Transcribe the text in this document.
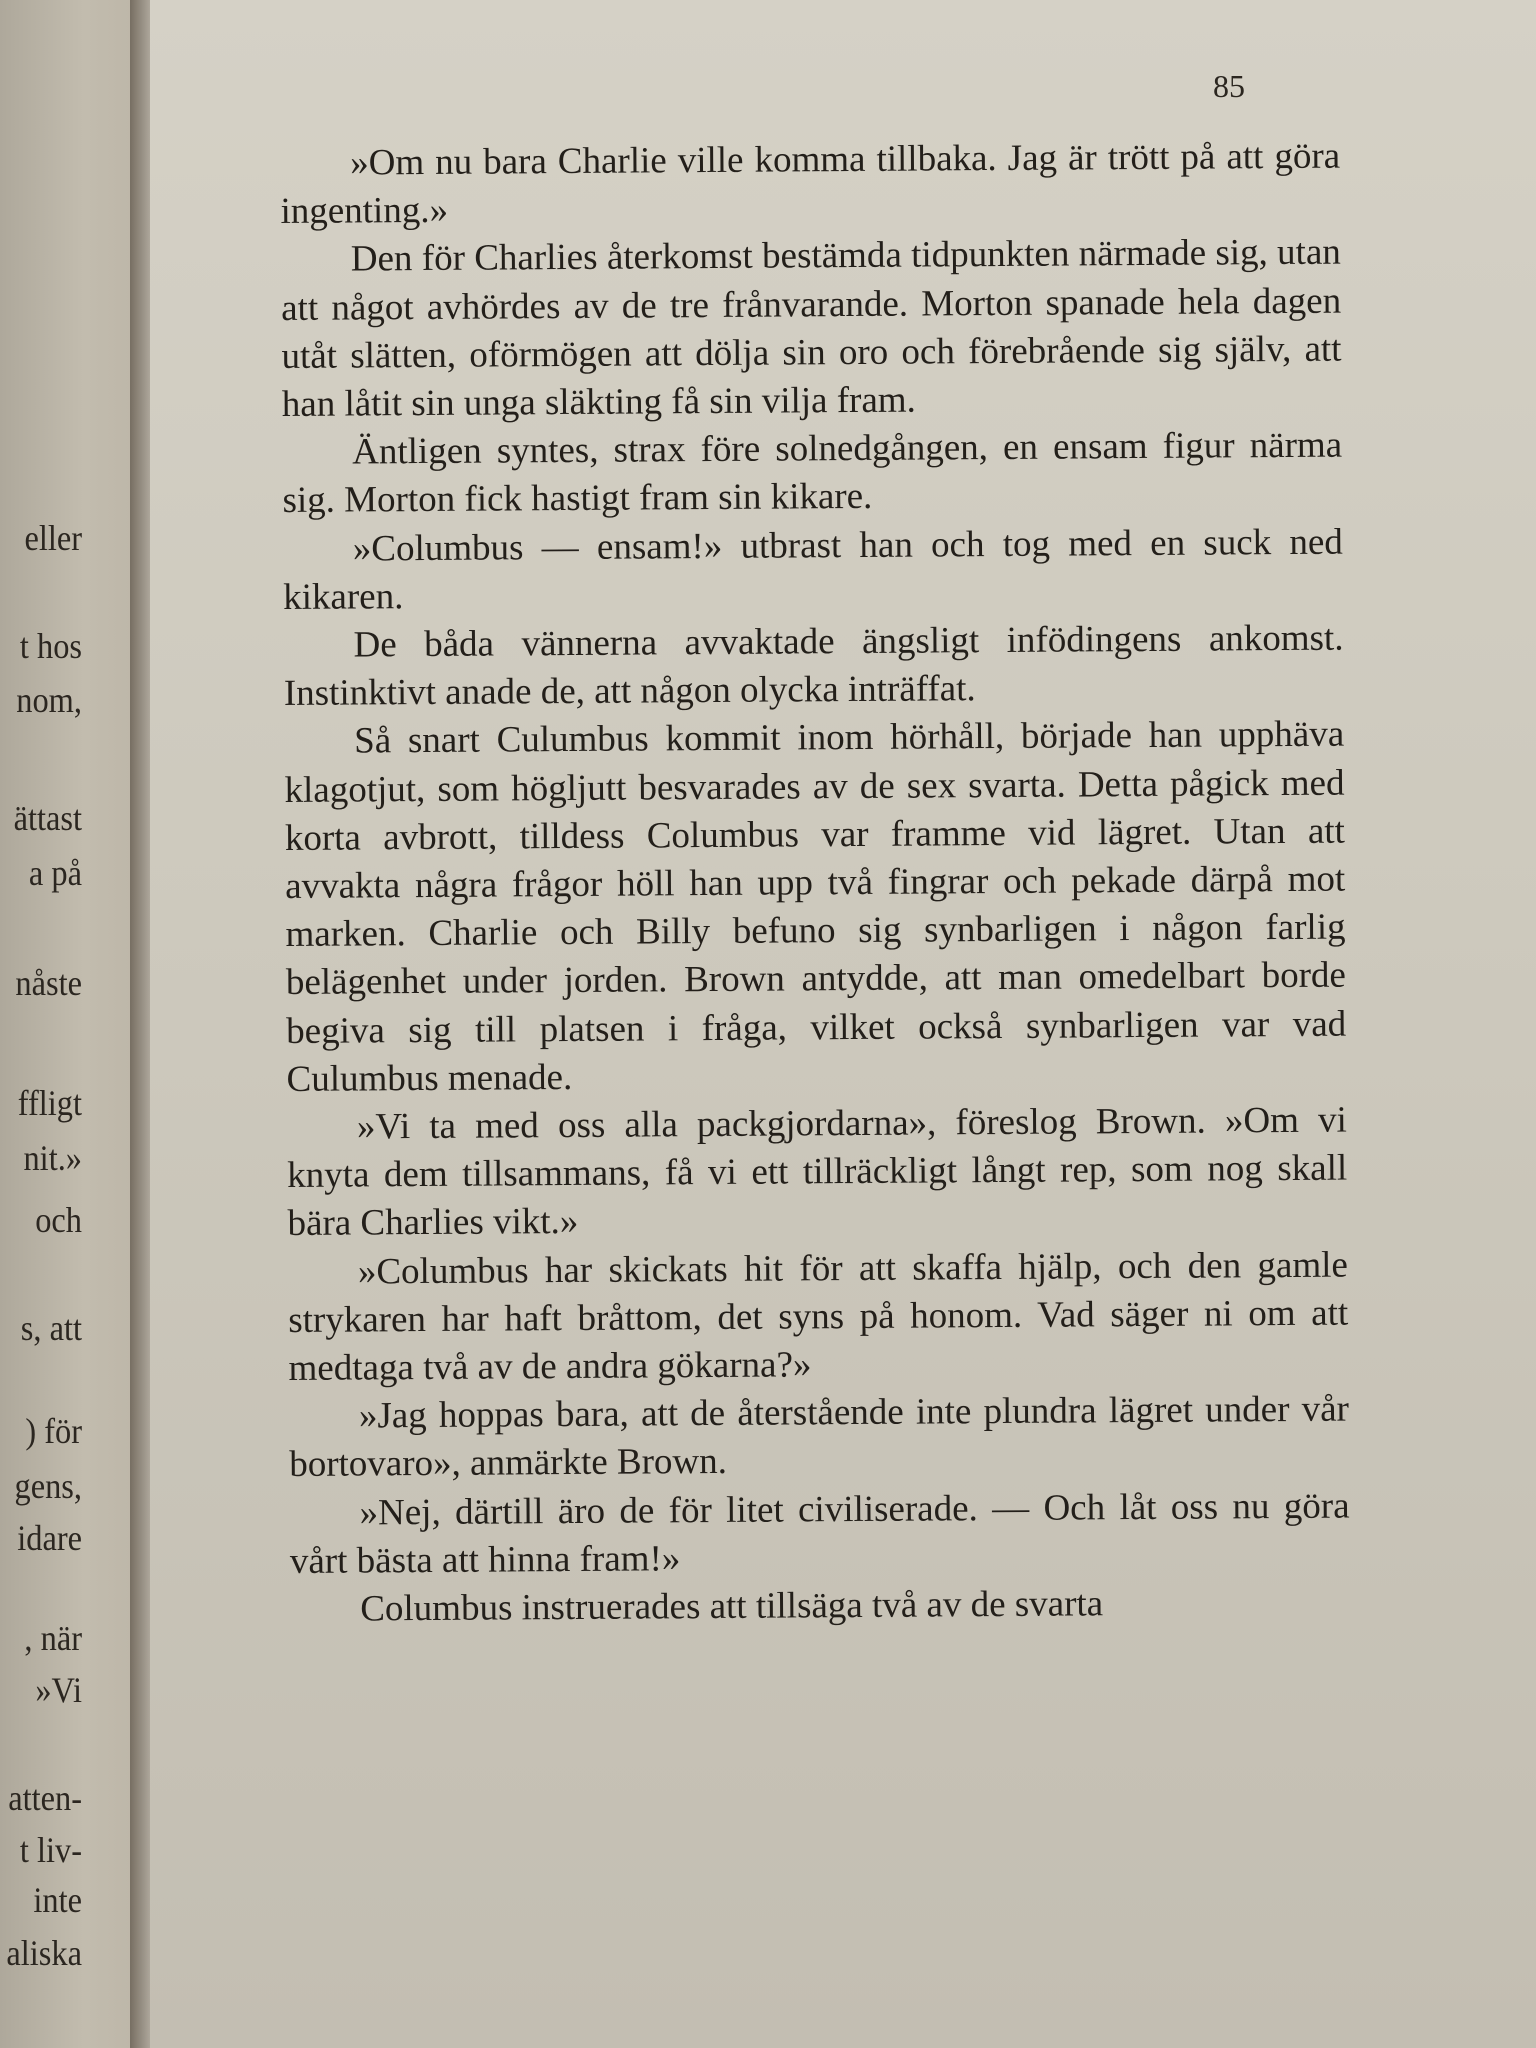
eller
t hos
nom,
ättast
a på
nåste
ffligt
nit.»
och
s, att
) för
gens,
idare
, när
»Vi
atten-
t liv-
inte
aliska
85

»Om nu bara Charlie ville komma tillbaka. Jag är trött på att göra ingenting.»

Den för Charlies återkomst bestämda tidpunkten närmade sig, utan att något avhördes av de tre frånvarande. Morton spanade hela dagen utåt slätten, oförmögen att dölja sin oro och förebrående sig själv, att han låtit sin unga släkting få sin vilja fram.

Äntligen syntes, strax före solnedgången, en ensam figur närma sig. Morton fick hastigt fram sin kikare.

»Columbus — ensam!» utbrast han och tog med en suck ned kikaren.

De båda vännerna avvaktade ängsligt infödingens ankomst. Instinktivt anade de, att någon olycka inträffat.

Så snart Culumbus kommit inom hörhåll, började han upphäva klagotjut, som högljutt besvarades av de sex svarta. Detta pågick med korta avbrott, tilldess Columbus var framme vid lägret. Utan att avvakta några frågor höll han upp två fingrar och pekade därpå mot marken. Charlie och Billy befuno sig synbarligen i någon farlig belägenhet under jorden. Brown antydde, att man omedelbart borde begiva sig till platsen i fråga, vilket också synbarligen var vad Culumbus menade.

»Vi ta med oss alla packgjordarna», föreslog Brown. »Om vi knyta dem tillsammans, få vi ett tillräckligt långt rep, som nog skall bära Charlies vikt.»

»Columbus har skickats hit för att skaffa hjälp, och den gamle strykaren har haft bråttom, det syns på honom. Vad säger ni om att medtaga två av de andra gökarna?»

»Jag hoppas bara, att de återstående inte plundra lägret under vår bortovaro», anmärkte Brown.

»Nej, därtill äro de för litet civiliserade. — Och låt oss nu göra vårt bästa att hinna fram!»

Columbus instruerades att tillsäga två av de svarta
